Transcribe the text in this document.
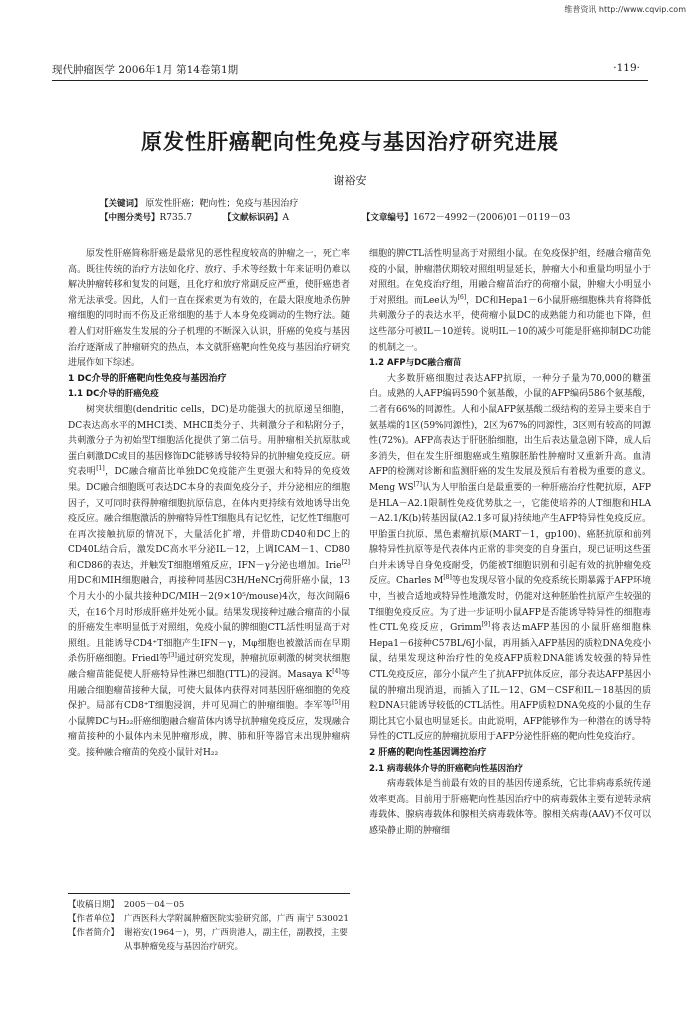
维普资讯 http://www.cqvip.com
现代肿瘤医学 2006年1月 第14卷第1期	·119·
原发性肝癌靶向性免疫与基因治疗研究进展
谢裕安
【关键词】 原发性肝癌；靶向性；免疫与基因治疗
【中图分类号】R735.7	【文献标识码】A	【文章编号】1672－4992－(2006)01－0119－03

原发性肝癌简称肝癌是最常见的恶性程度较高的肿瘤之一，死亡率高。既往传统的治疗方法如化疗、放疗、手术等经数十年来证明仍难以解决肿瘤转移和复发的问题，且化疗和放疗常副反应严重，使肝癌患者常无法承受。因此，人们一直在探索更为有效的，在最大限度地杀伤肿瘤细胞的同时而不伤及正常细胞的基于人本身免疫调动的生物疗法。随着人们对肝癌发生发展的分子机理的不断深入认识，肝癌的免疫与基因治疗逐渐成了肿瘤研究的热点，本文就肝癌靶向性免疫与基因治疗研究进展作如下综述。

1 DC介导的肝癌靶向性免疫与基因治疗
1.1 DC介导的肝癌免疫

树突状细胞(dendritic cells，DC)是功能强大的抗原递呈细胞，DC表达高水平的MHCⅠ类、MHCⅡ类分子、共刺激分子和粘附分子，共刺激分子为初始型T细胞活化提供了第二信号。用肿瘤相关抗原肽或蛋白刺激DC或目的基因修饰DC能够诱导较特异的抗肿瘤免疫反应。研究表明[1]，DC融合瘤苗比单独DC免疫能产生更强大和特异的免疫效果。DC融合细胞既可表达DC本身的表面免疫分子，并分泌相应的细胞因子，又可同时获得肿瘤细胞抗原信息，在体内更持续有效地诱导出免疫反应。融合细胞激活的肿瘤特异性T细胞具有记忆性，记忆性T细胞可在再次接触抗原的情况下，大量活化扩增，并借助CD40和DC上的CD40L结合后，激发DC高水平分泌IL－12，上调ICAM－1、CD80和CD86的表达，并触发T细胞增殖反应，IFN－γ分泌也增加。Irie[2]用DC和MIH细胞融合，再接种同基因C3H/HeNCrj荷肝癌小鼠，13个月大小的小鼠共接种DC/MIH－2(9×10⁵/mouse)4次，每次间隔6天，在16个月时形成肝癌并处死小鼠。结果发现接种过融合瘤苗的小鼠的肝癌发生率明显低于对照组，免疫小鼠的脾细胞CTL活性明显高于对照组。且能诱导CD4⁺T细胞产生IFN－γ，Mφ细胞也被激活而在早期杀伤肝癌细胞。Friedl等[3]通过研究发现，肿瘤抗原刺激的树突状细胞融合瘤苗能促使人肝癌特异性淋巴细胞(TTL)的浸润。Masaya K[4]等用融合细胞瘤苗接种大鼠，可使大鼠体内获得对同基因肝癌细胞的免疫保护。局部有CD8⁺T细胞浸润，并可见凋亡的肿瘤细胞。李军等[5]用小鼠脾DC与H₂₂肝癌细胞融合瘤苗体内诱导抗肿瘤免疫反应，发现融合瘤苗接种的小鼠体内未见肿瘤形成，脾、肺和肝等器官未出现肿瘤病变。接种融合瘤苗的免疫小鼠针对H₂₂

【收稿日期】 2005－04－05
【作者单位】 广西医科大学附属肿瘤医院实验研究部，广西 南宁 530021
【作者简介】 谢裕安(1964－)，男，广西贵港人，副主任，副教授，主要从事肿瘤免疫与基因治疗研究。

细胞的脾CTL活性明显高于对照组小鼠。在免疫保护组，经融合瘤苗免疫的小鼠，肿瘤潜伏期较对照组明显延长，肿瘤大小和重量均明显小于对照组。在免疫治疗组，用融合瘤苗治疗的荷瘤小鼠，肿瘤大小明显小于对照组。而Lee认为[6]，DC和Hepa1－6小鼠肝癌细胞株共育将降低共刺激分子的表达水平，使荷瘤小鼠DC的成熟能力和功能也下降，但这些部分可被IL－10逆转。说明IL－10的减少可能是肝癌抑制DC功能的机制之一。

1.2 AFP与DC融合瘤苗

大多数肝癌细胞过表达AFP抗原，一种分子量为70,000的糖蛋白。成熟的人AFP编码590个氨基酸，小鼠的AFP编码586个氨基酸，二者有66%的同源性。人和小鼠AFP氨基酸二级结构的差异主要来自于氨基端的1区(59%同源性)，2区为67%的同源性，3区则有较高的同源性(72%)。AFP高表达于肝胚胎细胞，出生后表达量急剧下降，成人后多消失，但在发生肝细胞癌或生殖腺胚胎性肿瘤时又重新升高。血清AFP的检测对诊断和监测肝癌的发生发展及预后有着极为重要的意义。Meng WS[7]认为人甲胎蛋白是最重要的一种肝癌治疗性靶抗原，AFP是HLA－A2.1限制性免疫优势肽之一，它能使培养的人T细胞和HLA－A2.1/K(b)转基因鼠(A2.1多可鼠)持续地产生AFP特异性免疫反应。甲胎蛋白抗原、黑色素瘤抗原(MART－1，gp100)、癌胚抗原和前列腺特异性抗原等是代表体内正常的非突变的自身蛋白，现已证明这些蛋白并未诱导自身免疫耐受，仍能被T细胞识别和引起有效的抗肿瘤免疫反应。Charles M[8]等也发现尽管小鼠的免疫系统长期暴露于AFP环境中，当被合适地或特异性地激发时，仍能对这种胚胎性抗原产生较强的T细胞免疫反应。为了进一步证明小鼠AFP是否能诱导特异性的细胞毒性CTL免疫反应，Grimm[9]将表达mAFP基因的小鼠肝癌细胞株Hepa1－6接种C57BL/6J小鼠，再用插入AFP基因的质粒DNA免疫小鼠，结果发现这种治疗性的免疫AFP质粒DNA能诱发较强的特异性CTL免疫反应，部分小鼠产生了抗AFP抗体反应，部分表达AFP基因小鼠的肿瘤出现消退，而插入了IL－12、GM－CSF和IL－18基因的质粒DNA只能诱导较低的CTL活性。用AFP质粒DNA免疫的小鼠的生存期比其它小鼠也明显延长。由此说明，AFP能够作为一种潜在的诱导特异性的CTL反应的肿瘤抗原用于AFP分泌性肝癌的靶向性免疫治疗。

2 肝癌的靶向性基因调控治疗
2.1 病毒载体介导的肝癌靶向性基因治疗

病毒载体是当前最有效的目的基因传递系统，它比非病毒系统传递效率更高。目前用于肝癌靶向性基因治疗中的病毒载体主要有逆转录病毒载体、腺病毒载体和腺相关病毒载体等。腺相关病毒(AAV)不仅可以感染静止期的肿瘤细
